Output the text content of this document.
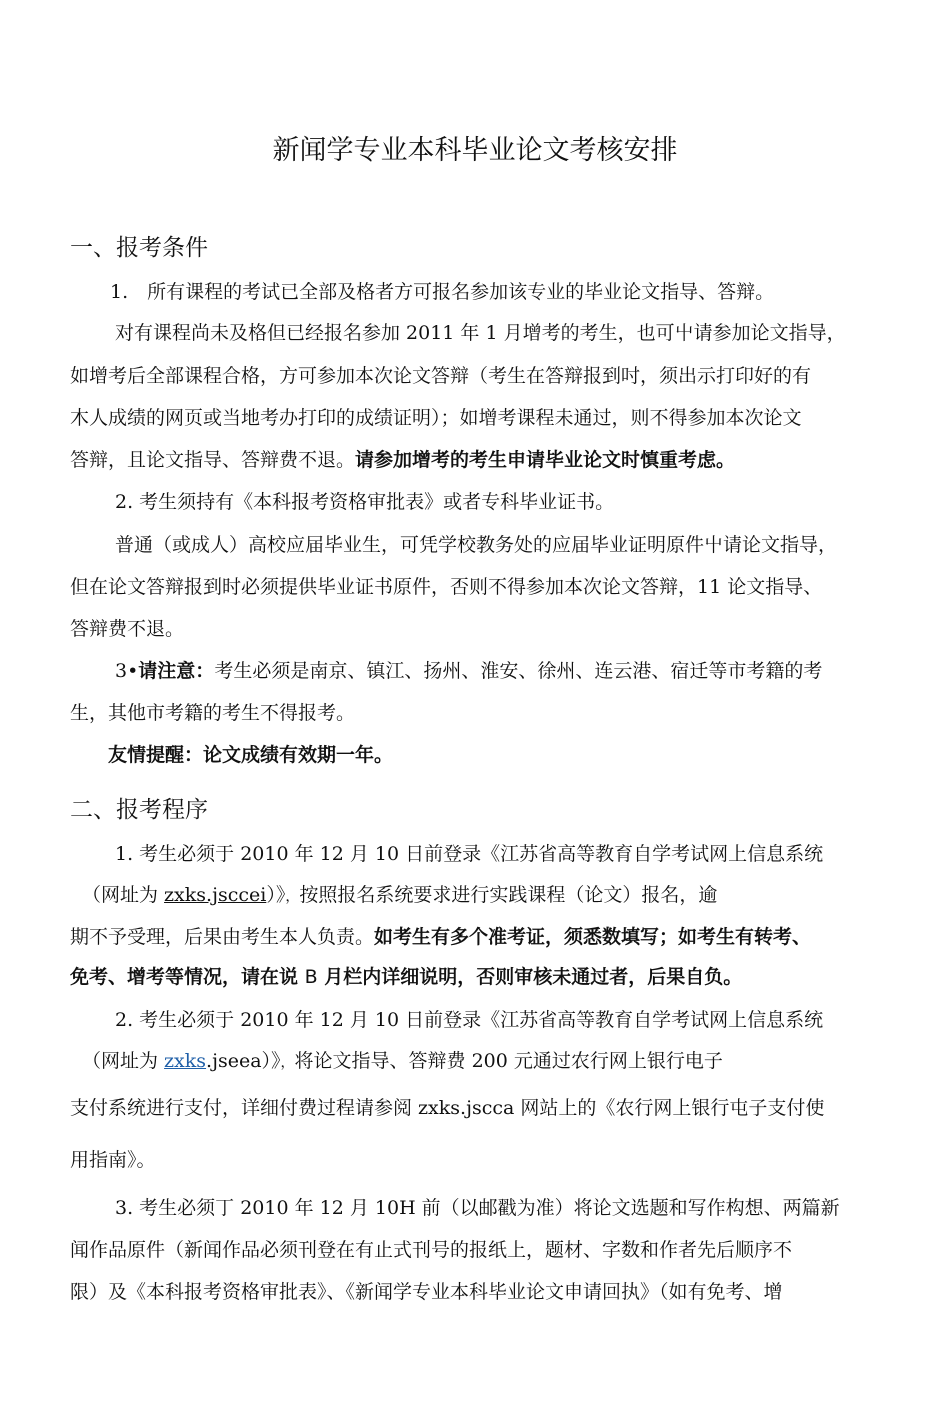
新闻学专业本科毕业论文考核安排
一、报考条件
1.　所有课程的考试已全部及格者方可报名参加该专业的毕业论文指导、答辩。
对有课程尚未及格但已经报名参加 2011 年 1 月增考的考生，也可屮请参加论文指导，
如增考后全部课程合格，方可参加本次论文答辩（考生在答辩报到吋，须出示打印好的有
木人成绩的网页或当地考办打印的成绩证明）；如增考课程未通过，则不得参加本次论文
答辩，且论文指导、答辩费不退。请参加增考的考生申请毕业论文时慎重考虑。
2. 考生须持有《本科报考资格审批表》或者专科毕业证书。
普通（或成人）高校应届毕业生，可凭学校教务处的应届毕业证明原件屮请论文指导，
但在论文答辩报到时必须提供毕业证书原件，否则不得参加本次论文答辩，11 论文指导、
答辩费不退。
3•请注意：考生必须是南京、镇江、扬州、淮安、徐州、连云港、宿迁等市考籍的考
生，其他市考籍的考生不得报考。
友情提醒：论文成绩有效期一年。
二、报考程序
1. 考生必须于 2010 年 12 月 10 日前登录《江苏省高等教育自学考试网上信息系统
（网址为 zxks.jsccei）》，按照报名系统要求进行实践课程（论文）报名，逾
期不予受理，后果由考生本人负责。如考生有多个准考证，须悉数填写；如考生有转考、
免考、增考等情况，请在说 B 月栏内详细说明，否则审核未通过者，后果自负。
2. 考生必须于 2010 年 12 月 10 日前登录《江苏省高等教育自学考试网上信息系统
（网址为 zxks.jseea）》，将论文指导、答辩费 200 元通过农行网上银行电子
支付系统进行支付，详细付费过程请参阅 zxks.jscca 网站上的《农行网上银行屯子支付使
用指南》。
3. 考生必须丁 2010 年 12 月 10H 前（以邮戳为准）将论文选题和写作构想、两篇新
闻作品原件（新闻作品必须刊登在有止式刊号的报纸上，题材、字数和作者先后顺序不
限）及《本科报考资格审批表》、《新闻学专业本科毕业论文申请回执》（如有免考、增
